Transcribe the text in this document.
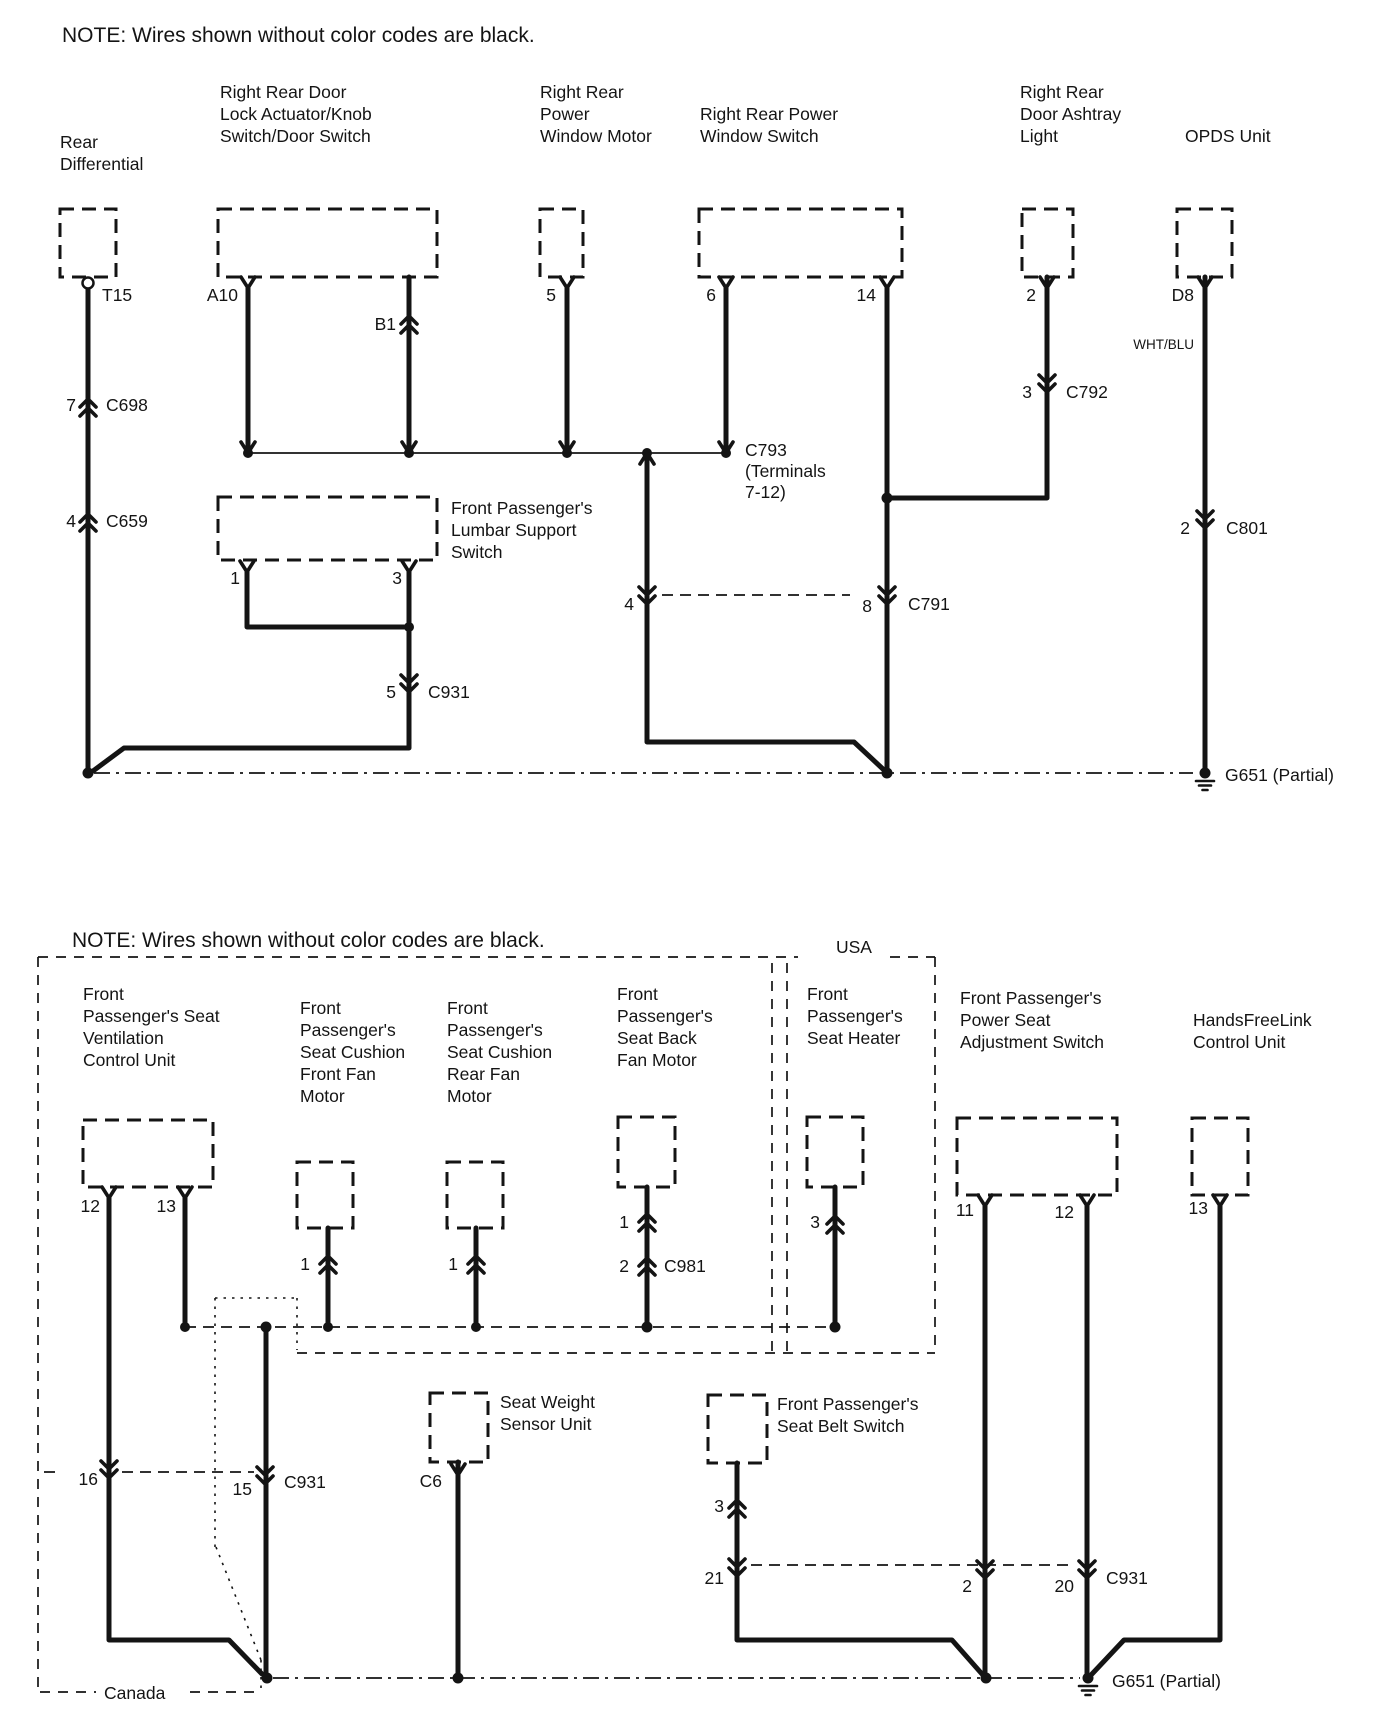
NOTE: Wires shown without color codes are black.
Rear
Differential
Right Rear Door
Lock Actuator/Knob
Switch/Door Switch
Right Rear
Power
Window Motor
Right Rear Power
Window Switch
Right Rear
Door Ashtray
Light	OPDS Unit
Front Passenger's
Lumbar Support
Switch
T15	A10
B1
5	6	14	2	D8
WHT/BLU
7 C698
4 C659
C793
(Terminals
7-12)
3 C792
2 C801
4	8 C791
1	3
5 C931
G651 (Partial)
NOTE: Wires shown without color codes are black.	USA
Canada
Front
Passenger's Seat
Ventilation
Control Unit
Front
Passenger's
Seat Cushion
Front Fan
Motor
Front
Passenger's
Seat Cushion
Rear Fan
Motor
Front
Passenger's
Seat Back
Fan Motor
Front
Passenger's
Seat Heater
Front Passenger's
Power Seat
Adjustment Switch
HandsFreeLink
Control Unit
Seat Weight
Sensor Unit
Front Passenger's
Seat Belt Switch
12	13
16	15 C931
1	1
1
2 C981
3
11	12	13
C6
3
21	2	20 C931
G651 (Partial)
